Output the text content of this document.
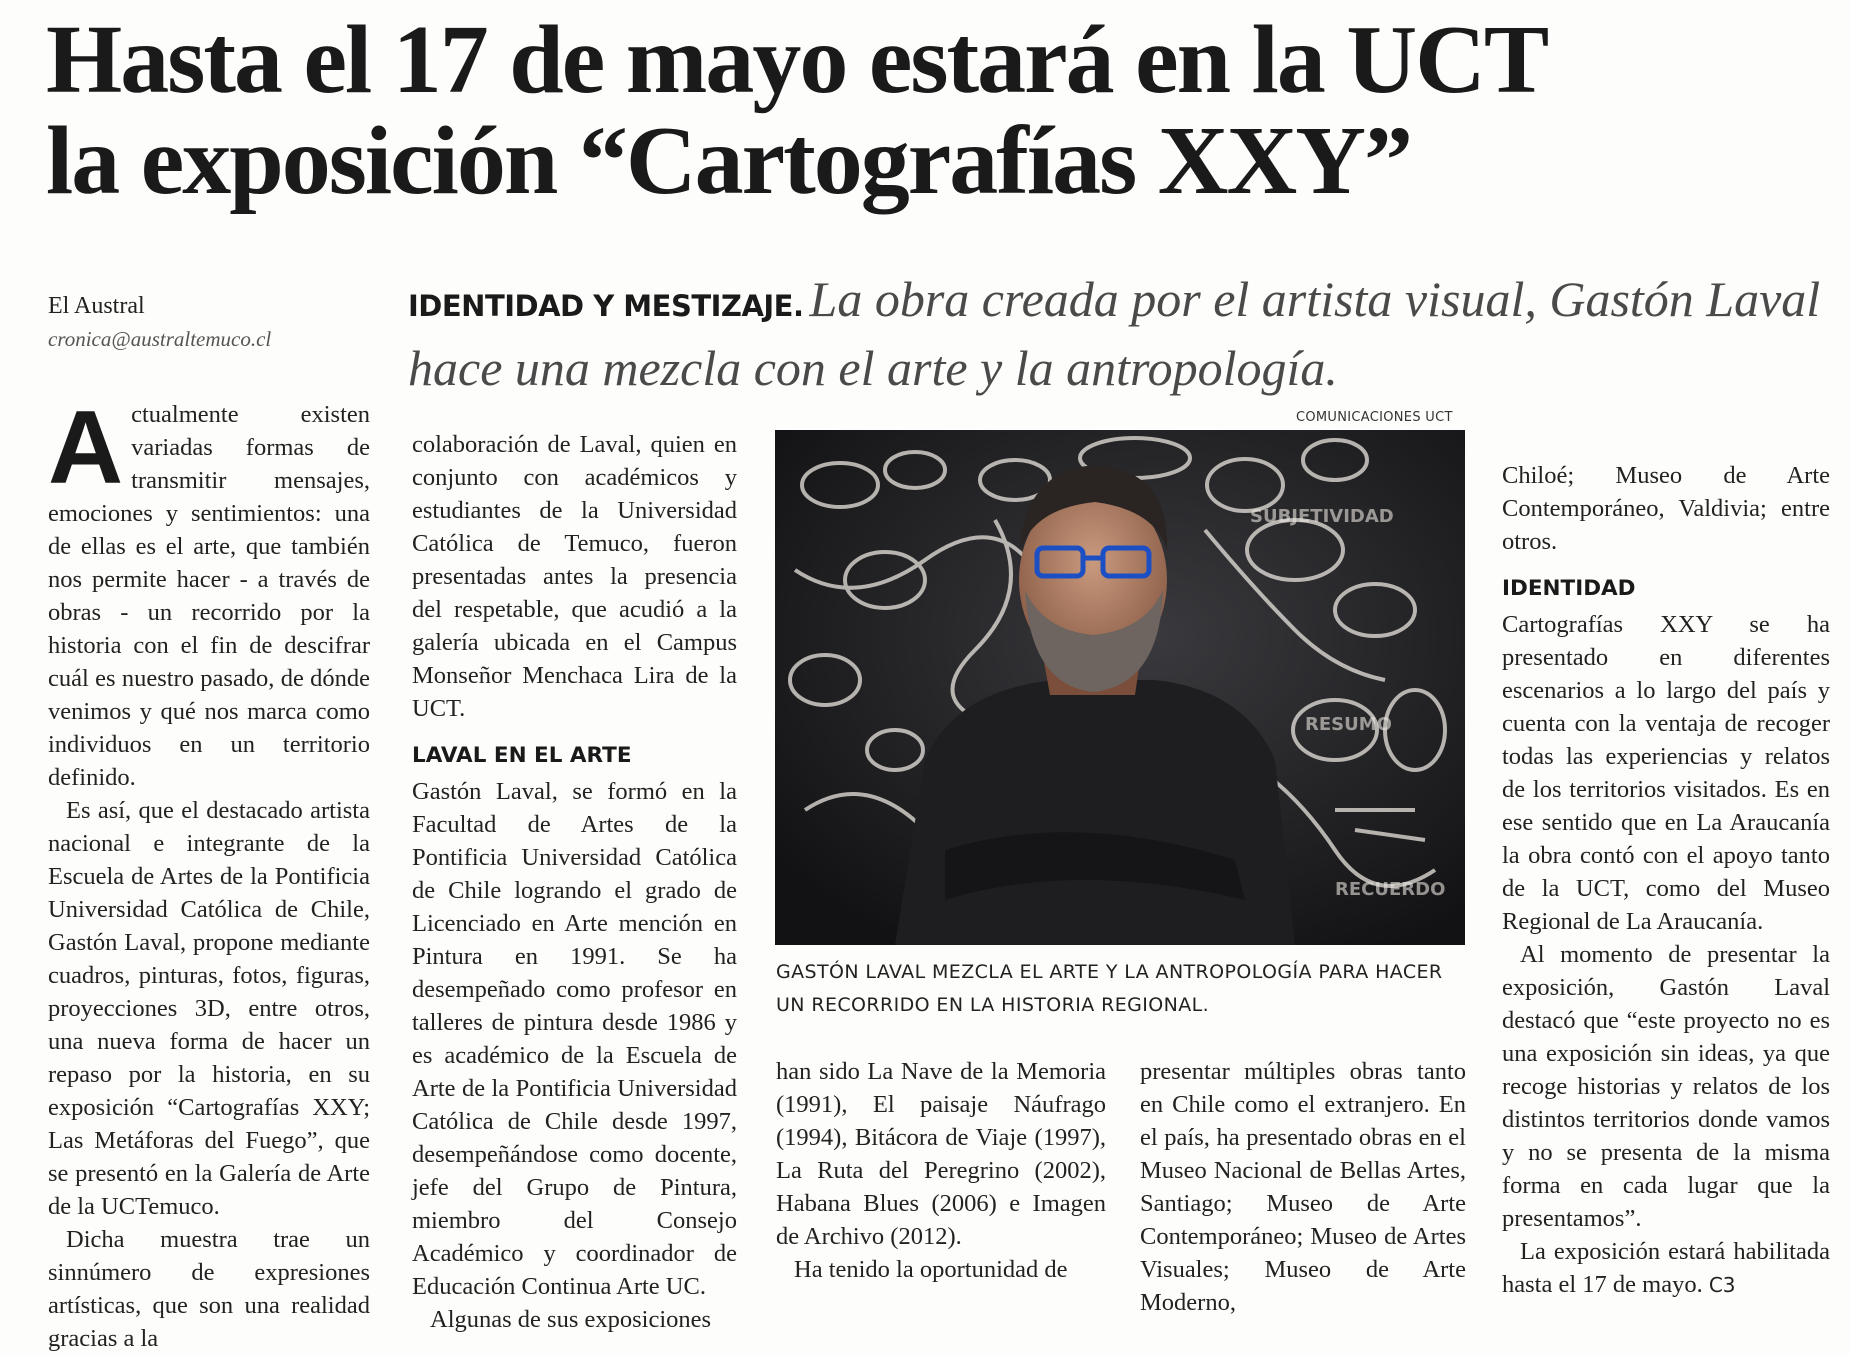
Hasta el 17 de mayo estará en la UCT
la exposición “Cartografías XXY”
El Austral
cronica@australtemuco.cl
IDENTIDAD Y MESTIZAJE. La obra creada por el artista visual, Gastón Laval hace una mezcla con el arte y la antropología.

Actualmente existen variadas formas de transmitir mensajes, emociones y sentimientos: una de ellas es el arte, que también nos permite hacer - a través de obras - un recorrido por la historia con el fin de descifrar cuál es nuestro pasado, de dónde venimos y qué nos marca como individuos en un territorio definido.

Es así, que el destacado artista nacional e integrante de la Escuela de Artes de la Pontificia Universidad Católica de Chile, Gastón Laval, propone mediante cuadros, pinturas, fotos, figuras, proyecciones 3D, entre otros, una nueva forma de hacer un repaso por la historia, en su exposición “Cartografías XXY; Las Metáforas del Fuego”, que se presentó en la Galería de Arte de la UCTemuco.

Dicha muestra trae un sinnúmero de expresiones artísticas, que son una realidad gracias a la

colaboración de Laval, quien en conjunto con académicos y estudiantes de la Universidad Católica de Temuco, fueron presentadas antes la presencia del respetable, que acudió a la galería ubicada en el Campus Monseñor Menchaca Lira de la UCT.

LAVAL EN EL ARTE

Gastón Laval, se formó en la Facultad de Artes de la Pontificia Universidad Católica de Chile logrando el grado de Licenciado en Arte mención en Pintura en 1991. Se ha desempeñado como profesor en talleres de pintura desde 1986 y es académico de la Escuela de Arte de la Pontificia Universidad Católica de Chile desde 1997, desempeñándose como docente, jefe del Grupo de Pintura, miembro del Consejo Académico y coordinador de Educación Continua Arte UC.

Algunas de sus exposiciones

COMUNICACIONES UCT
SUBJETIVIDAD
RESUMO
RECUERDO
GASTÓN LAVAL MEZCLA EL ARTE Y LA ANTROPOLOGÍA PARA HACER UN RECORRIDO EN LA HISTORIA REGIONAL.

han sido La Nave de la Memoria (1991), El paisaje Náufrago (1994), Bitácora de Viaje (1997), La Ruta del Peregrino (2002), Habana Blues (2006) e Imagen de Archivo (2012).

Ha tenido la oportunidad de

presentar múltiples obras tanto en Chile como el extranjero. En el país, ha presentado obras en el Museo Nacional de Bellas Artes, Santiago; Museo de Arte Contemporáneo; Museo de Artes Visuales; Museo de Arte Moderno,

Chiloé; Museo de Arte Contemporáneo, Valdivia; entre otros.

IDENTIDAD

Cartografías XXY se ha presentado en diferentes escenarios a lo largo del país y cuenta con la ventaja de recoger todas las experiencias y relatos de los territorios visitados. Es en ese sentido que en La Araucanía la obra contó con el apoyo tanto de la UCT, como del Museo Regional de La Araucanía.

Al momento de presentar la exposición, Gastón Laval destacó que “este proyecto no es una exposición sin ideas, ya que recoge historias y relatos de los distintos territorios donde vamos y no se presenta de la misma forma en cada lugar que la presentamos”.

La exposición estará habilitada hasta el 17 de mayo. C3
